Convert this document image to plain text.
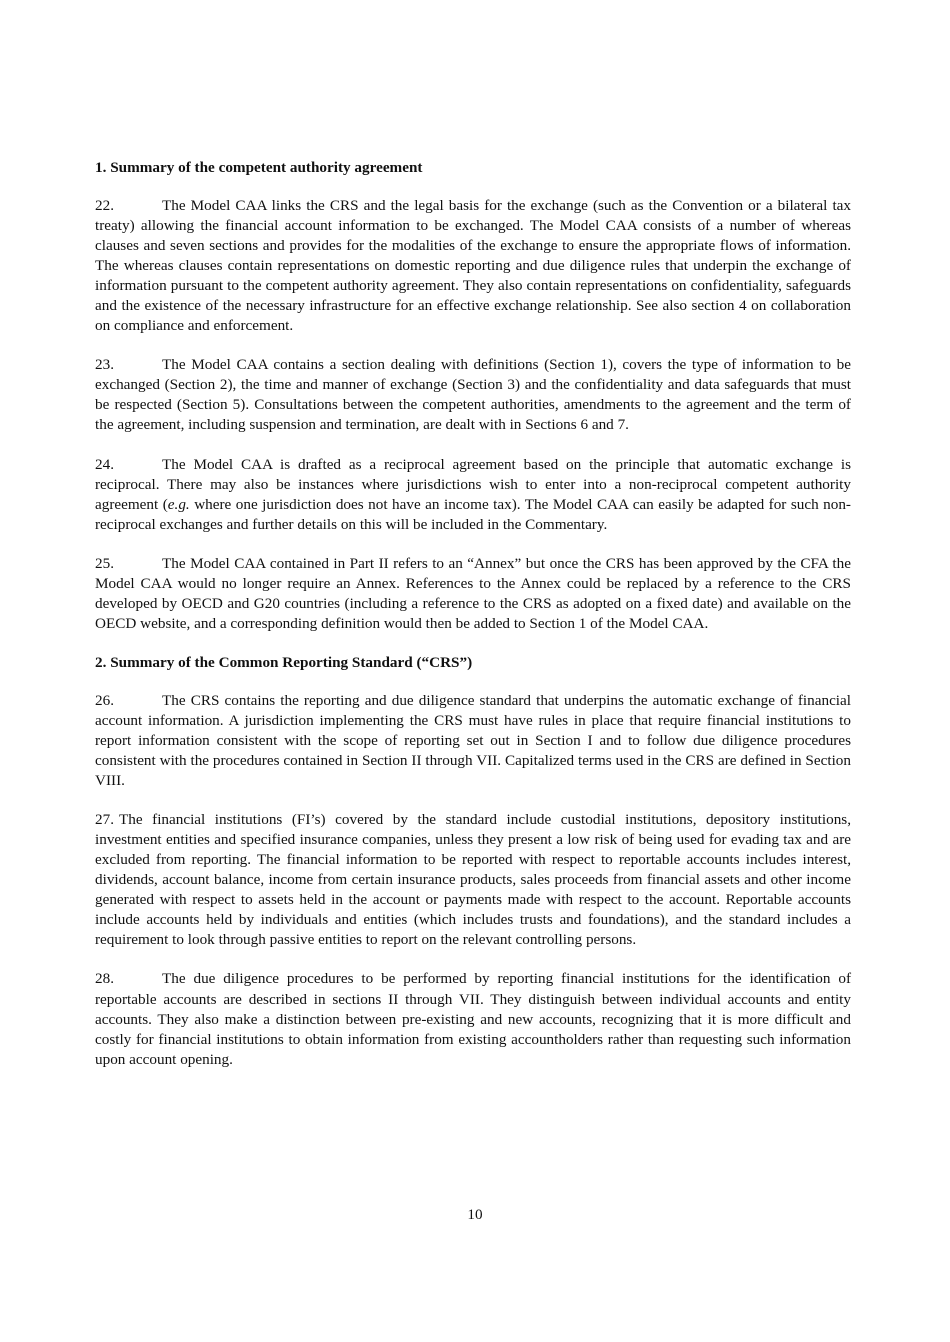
1. Summary of the competent authority agreement

22.	The Model CAA links the CRS and the legal basis for the exchange (such as the Convention or a bilateral tax treaty) allowing the financial account information to be exchanged. The Model CAA consists of a number of whereas clauses and seven sections and provides for the modalities of the exchange to ensure the appropriate flows of information. The whereas clauses contain representations on domestic reporting and due diligence rules that underpin the exchange of information pursuant to the competent authority agreement. They also contain representations on confidentiality, safeguards and the existence of the necessary infrastructure for an effective exchange relationship. See also section 4 on collaboration on compliance and enforcement.

23.	The Model CAA contains a section dealing with definitions (Section 1), covers the type of information to be exchanged (Section 2), the time and manner of exchange (Section 3) and the confidentiality and data safeguards that must be respected (Section 5). Consultations between the competent authorities, amendments to the agreement and the term of the agreement, including suspension and termination, are dealt with in Sections 6 and 7.

24.	The Model CAA is drafted as a reciprocal agreement based on the principle that automatic exchange is reciprocal. There may also be instances where jurisdictions wish to enter into a non-reciprocal competent authority agreement (e.g. where one jurisdiction does not have an income tax). The Model CAA can easily be adapted for such non-reciprocal exchanges and further details on this will be included in the Commentary.

25.	The Model CAA contained in Part II refers to an “Annex” but once the CRS has been approved by the CFA the Model CAA would no longer require an Annex. References to the Annex could be replaced by a reference to the CRS developed by OECD and G20 countries (including a reference to the CRS as adopted on a fixed date) and available on the OECD website, and a corresponding definition would then be added to Section 1 of the Model CAA.

2. Summary of the Common Reporting Standard (“CRS”)

26.	The CRS contains the reporting and due diligence standard that underpins the automatic exchange of financial account information. A jurisdiction implementing the CRS must have rules in place that require financial institutions to report information consistent with the scope of reporting set out in Section I and to follow due diligence procedures consistent with the procedures contained in Section II through VII. Capitalized terms used in the CRS are defined in Section VIII.

27. The financial institutions (FI’s) covered by the standard include custodial institutions, depository institutions, investment entities and specified insurance companies, unless they present a low risk of being used for evading tax and are excluded from reporting. The financial information to be reported with respect to reportable accounts includes interest, dividends, account balance, income from certain insurance products, sales proceeds from financial assets and other income generated with respect to assets held in the account or payments made with respect to the account. Reportable accounts include accounts held by individuals and entities (which includes trusts and foundations), and the standard includes a requirement to look through passive entities to report on the relevant controlling persons.

28.	The due diligence procedures to be performed by reporting financial institutions for the identification of reportable accounts are described in sections II through VII. They distinguish between individual accounts and entity accounts. They also make a distinction between pre-existing and new accounts, recognizing that it is more difficult and costly for financial institutions to obtain information from existing accountholders rather than requesting such information upon account opening.

10
